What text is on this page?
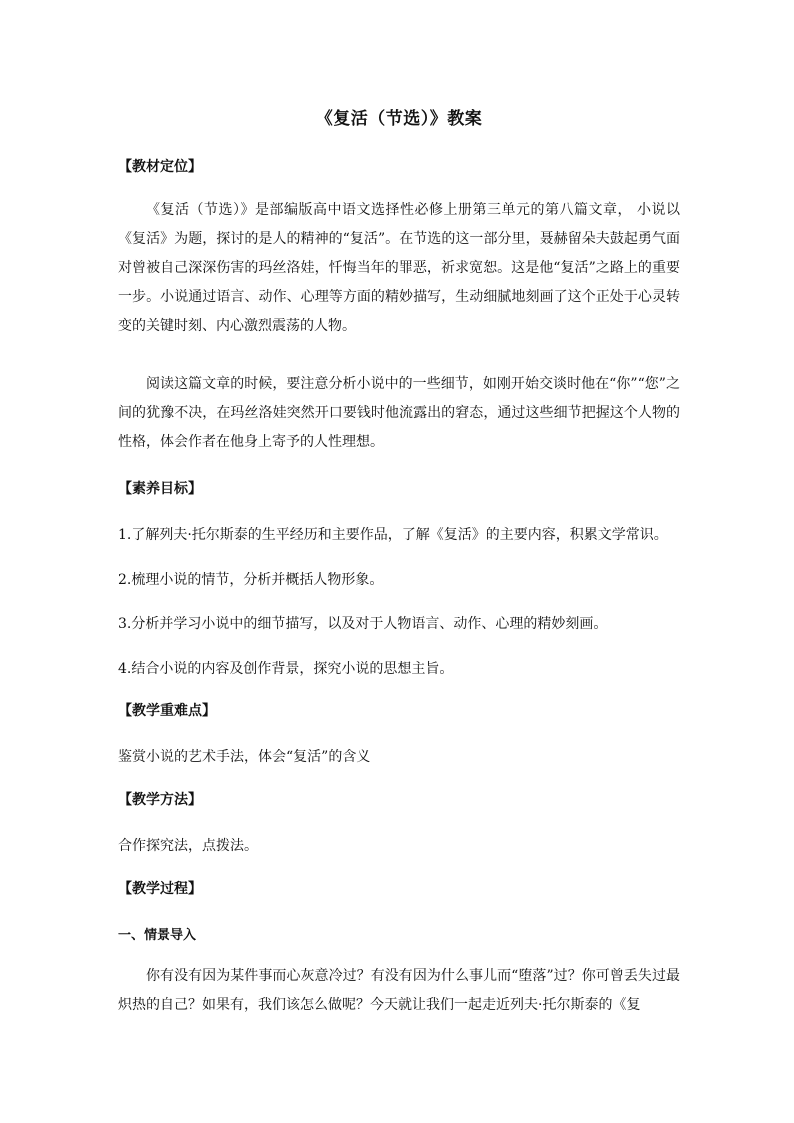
《复活（节选）》教案
【教材定位】
《复活（节选）》是部编版高中语文选择性必修上册第三单元的第八篇文章， 小说以《复活》为题，探讨的是人的精神的“复活”。在节选的这一部分里，聂赫留朵夫鼓起勇气面对曾被自己深深伤害的玛丝洛娃，忏悔当年的罪恶，祈求宽恕。这是他“复活”之路上的重要一步。小说通过语言、动作、心理等方面的精妙描写，生动细腻地刻画了这个正处于心灵转变的关键时刻、内心激烈震荡的人物。
阅读这篇文章的时候，要注意分析小说中的一些细节，如刚开始交谈时他在“你”“您”之间的犹豫不决，在玛丝洛娃突然开口要钱时他流露出的窘态，通过这些细节把握这个人物的性格，体会作者在他身上寄予的人性理想。
【素养目标】
1.了解列夫·托尔斯泰的生平经历和主要作品，了解《复活》的主要内容，积累文学常识。
2.梳理小说的情节，分析并概括人物形象。
3.分析并学习小说中的细节描写，以及对于人物语言、动作、心理的精妙刻画。
4.结合小说的内容及创作背景，探究小说的思想主旨。
【教学重难点】
鉴赏小说的艺术手法，体会“复活”的含义
【教学方法】
合作探究法，点拨法。
【教学过程】
一、情景导入
你有没有因为某件事而心灰意冷过？有没有因为什么事儿而“堕落”过？你可曾丢失过最炽热的自己？如果有，我们该怎么做呢？今天就让我们一起走近列夫·托尔斯泰的《复
